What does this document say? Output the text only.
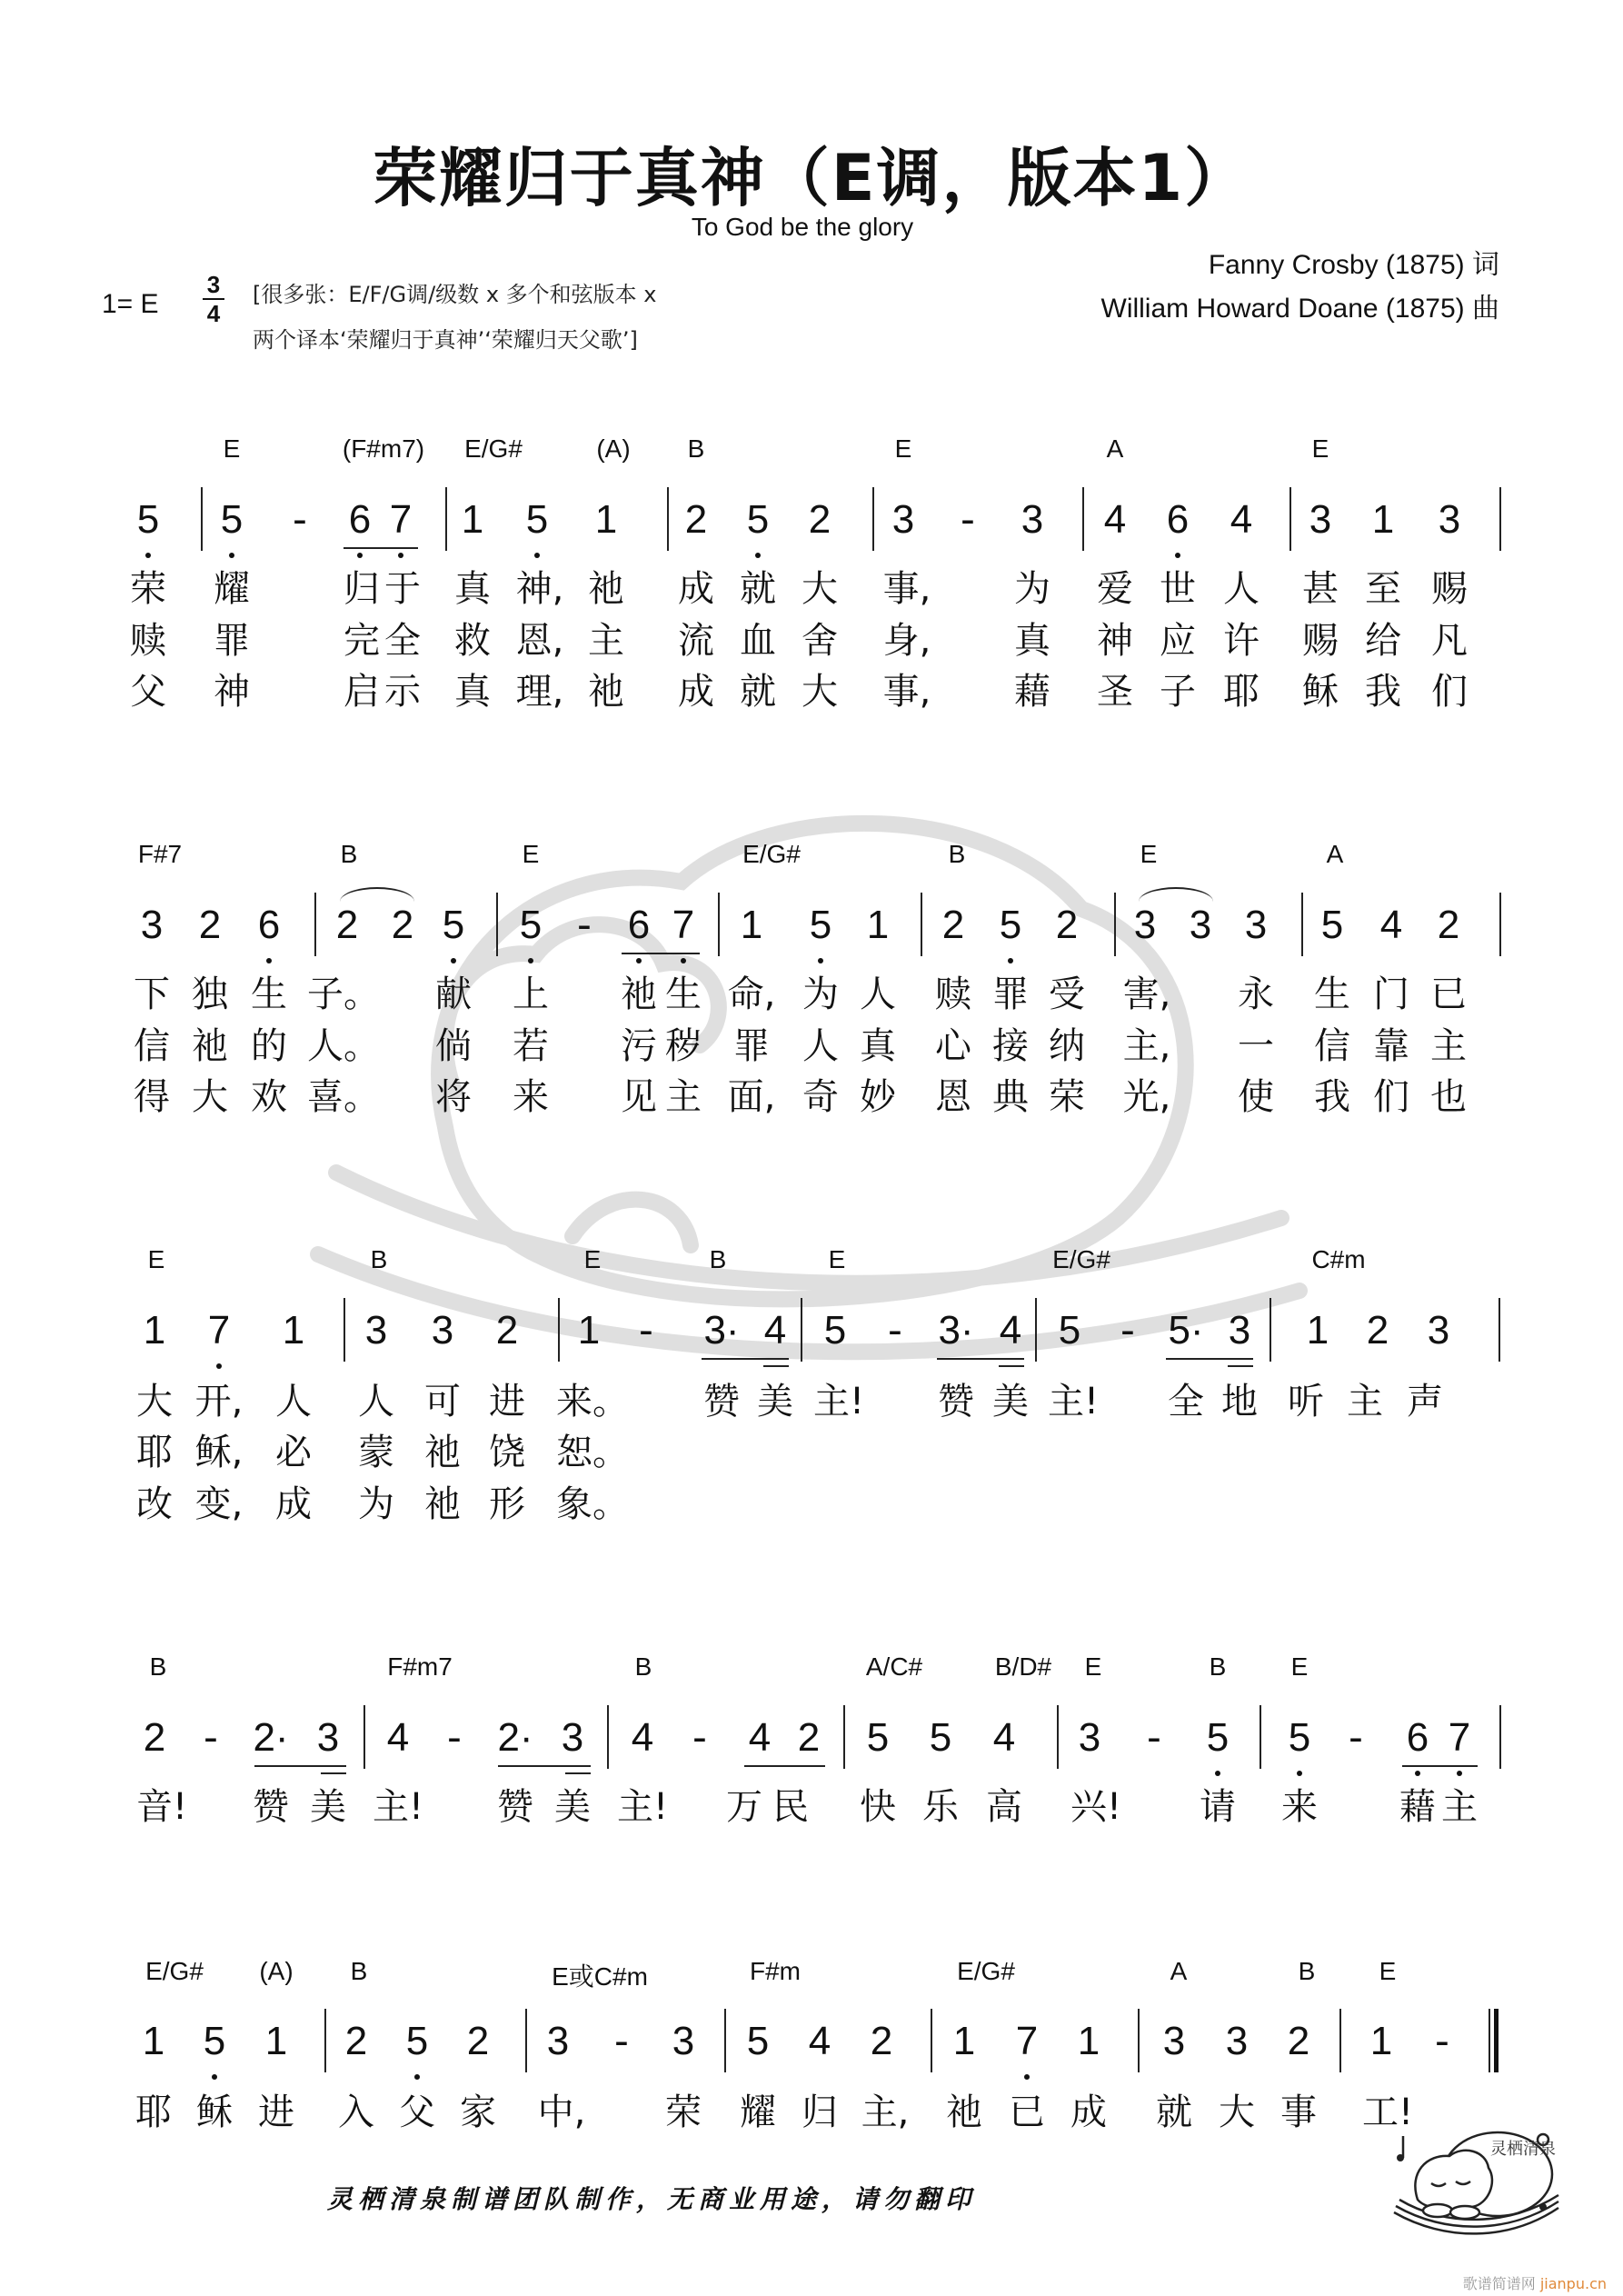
荣耀归于真神（E调，版本1）
To God be the glory
Fanny Crosby (1875) 词
William Howard Doane (1875) 曲
1= E
3
4
[很多张：E/F/G调/级数 x 多个和弦版本 x
两个译本‘荣耀归于真神’‘荣耀归天父歌’]
E	(F#m7) E/G#	(A) B	E	A	E
5 5 - 6 7 1 5 1 2 5 2 3 - 3 4 6 4 3 1 3
荣 耀	归 于 真 神, 祂 成 就 大 事, 为 爱 世 人 甚 至 赐
赎 罪	完 全 救 恩, 主 流 血 舍 身, 真 神 应 许 赐 给 凡
父 神	启 示 真 理, 祂 成 就 大 事, 藉 圣 子 耶 稣 我 们
F#7	B	E	E/G#	B	E	A
3 2 6 2 2 5 5 - 6 7 1 5 1 2 5 2 3 3 3 5 4 2
下 独 生 子。 献 上 祂 生 命, 为 人 赎 罪 受 害, 永 生 门 已
信 祂 的 人。 倘 若 污 秽 罪 人 真 心 接 纳 主, 一 信 靠 主
得 大 欢 喜。 将 来 见 主 面, 奇 妙 恩 典 荣 光, 使 我 们 也
E	B	E	B	E	E/G#	C#m
1 7 1 3 3 2 1 - 3· 4 5 - 3· 4 5 - 5· 3 1 2 3
大 开, 人 人 可 进 来。 赞 美 主! 赞 美 主! 全 地 听 主 声
耶 稣, 必 蒙 祂 饶 恕。
改 变, 成 为 祂 形 象。
B	F#m7	B	A/C#	B/D# E	B	E
2 - 2· 3 4 - 2· 3 4 - 4 2 5 5 4 3 - 5 5 - 6 7
音! 赞 美 主! 赞 美 主! 万 民 快 乐 高 兴! 请 来 藉 主
E/G# (A) B	E或C#m	F#m	E/G#	A	B	E
1 5 1 2 5 2 3 - 3 5 4 2 1 7 1 3 3 2 1 -
耶 稣 进 入 父 家 中, 荣 耀 归 主, 祂 已 成 就 大 事 工!
灵栖清泉制谱团队制作，无商业用途，请勿翻印
灵栖清泉
歌谱简谱网 jianpu.cn
